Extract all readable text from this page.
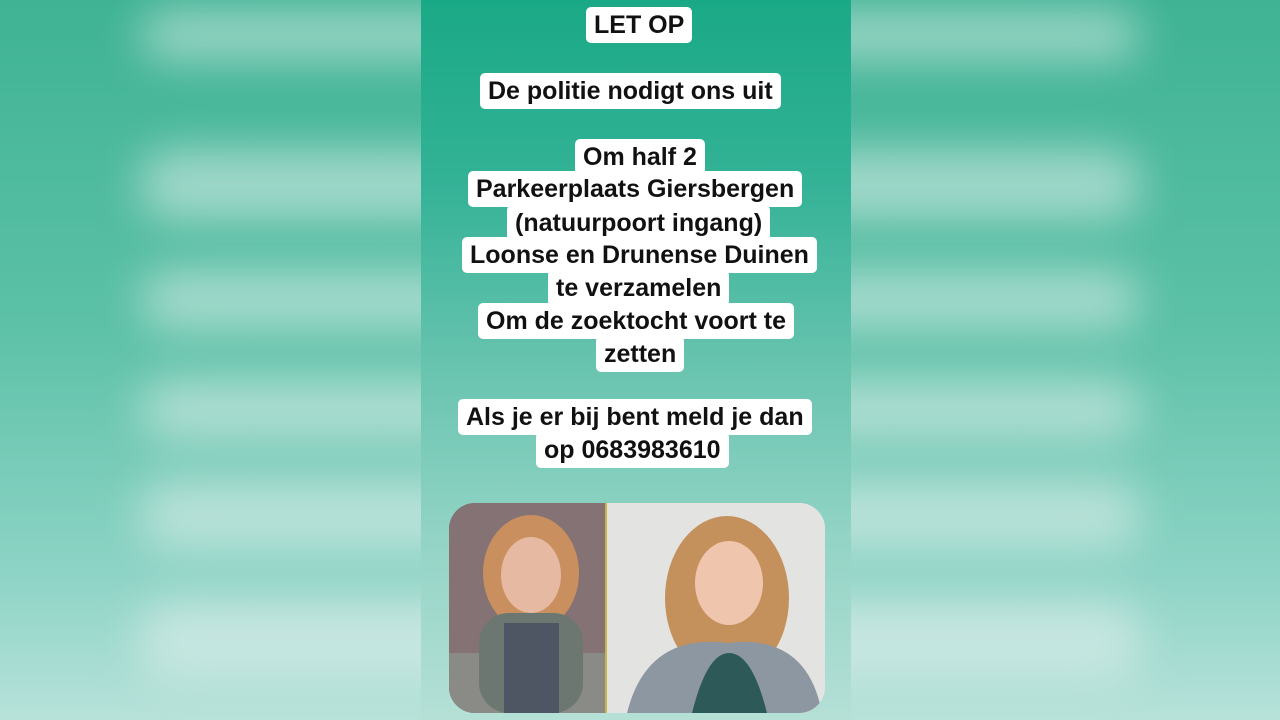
LET OP
De politie nodigt ons uit
Om half 2
Parkeerplaats Giersbergen
(natuurpoort ingang)
Loonse en Drunense Duinen
te verzamelen
Om de zoektocht voort te
zetten
Als je er bij bent meld je dan
op 0683983610
